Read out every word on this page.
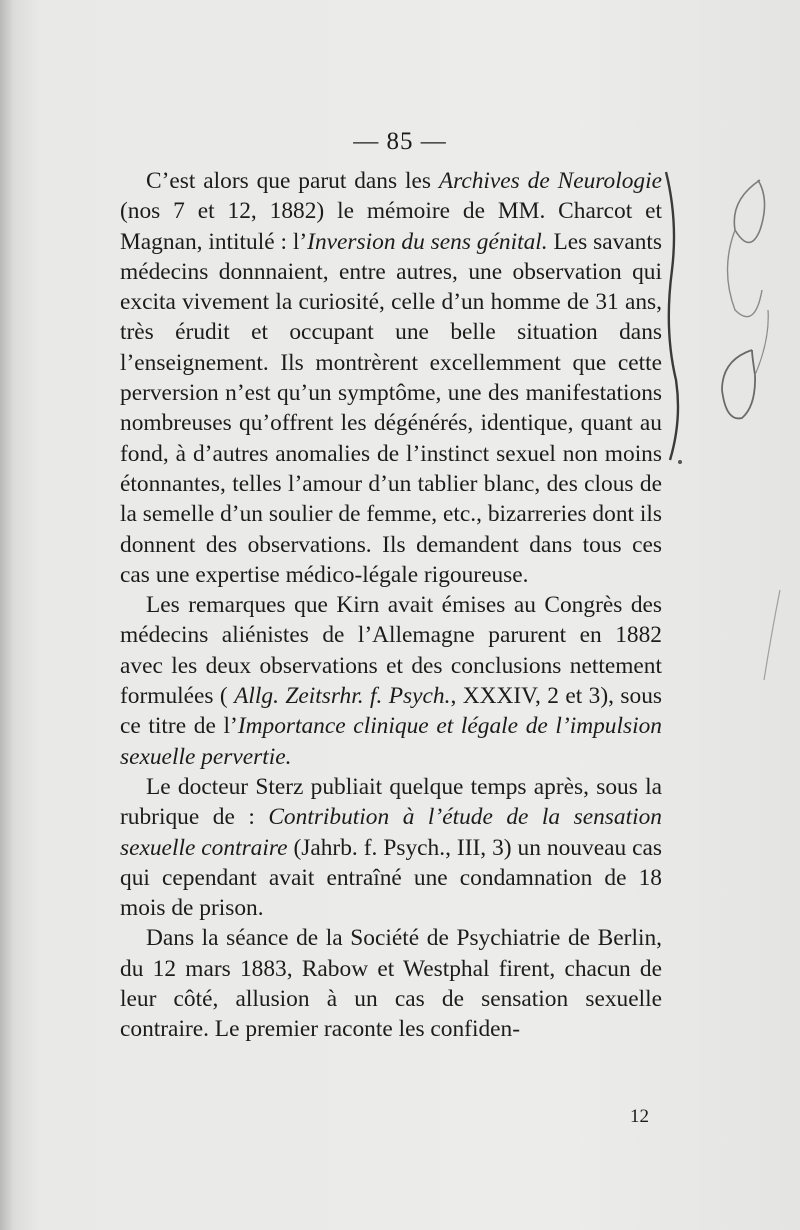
— 85 —

C’est alors que parut dans les Archives de Neurologie (nos 7 et 12, 1882) le mémoire de MM. Charcot et Magnan, intitulé : l’Inversion du sens génital. Les savants médecins donnnaient, entre autres, une observation qui excita vivement la curiosité, celle d’un homme de 31 ans, très érudit et occupant une belle situation dans l’enseignement. Ils montrèrent excellemment que cette perversion n’est qu’un symptôme, une des manifestations nombreuses qu’offrent les dégénérés, identique, quant au fond, à d’autres anomalies de l’instinct sexuel non moins étonnantes, telles l’amour d’un tablier blanc, des clous de la semelle d’un soulier de femme, etc., bizarreries dont ils donnent des observations. Ils demandent dans tous ces cas une expertise médico-légale rigoureuse.

Les remarques que Kirn avait émises au Congrès des médecins aliénistes de l’Allemagne parurent en 1882 avec les deux observations et des conclusions nettement formulées ( Allg. Zeitsrhr. f. Psych., XXXIV, 2 et 3), sous ce titre de l’Importance clinique et légale de l’impulsion sexuelle pervertie.

Le docteur Sterz publiait quelque temps après, sous la rubrique de : Contribution à l’étude de la sensation sexuelle contraire (Jahrb. f. Psych., III, 3) un nouveau cas qui cependant avait entraîné une condamnation de 18 mois de prison.

Dans la séance de la Société de Psychiatrie de Berlin, du 12 mars 1883, Rabow et Westphal firent, chacun de leur côté, allusion à un cas de sensation sexuelle contraire. Le premier raconte les confiden-

12
